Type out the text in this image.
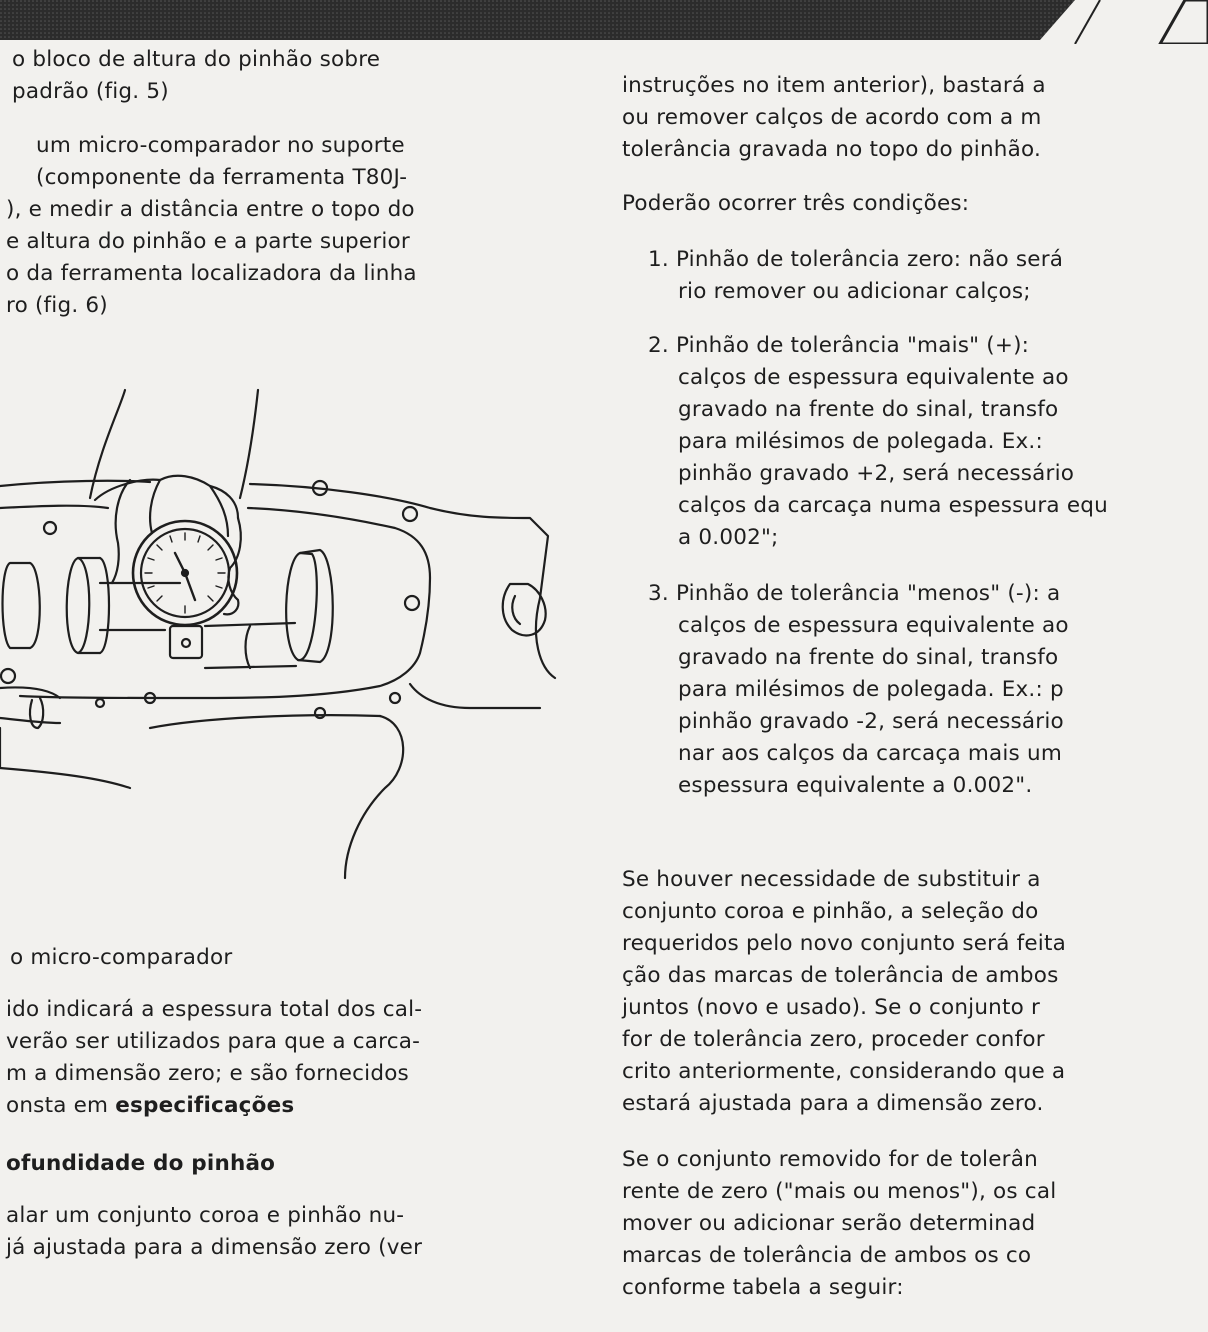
o bloco de altura do pinhão sobre
padrão (fig. 5)
um micro-comparador no suporte
(componente da ferramenta T80J-
), e medir a distância entre o topo do
e altura do pinhão e a parte superior
o da ferramenta localizadora da linha
ro (fig. 6)
o micro-comparador
ido indicará a espessura total dos cal-
verão ser utilizados para que a carca-
m a dimensão zero; e são fornecidos
onsta em especificações
ofundidade do pinhão
alar um conjunto coroa e pinhão nu-
já ajustada para a dimensão zero (ver
instruções no item anterior), bastará a
ou remover calços de acordo com a m
tolerância gravada no topo do pinhão.
Poderão ocorrer três condições:
1. Pinhão de tolerância zero: não será
rio remover ou adicionar calços;
2. Pinhão de tolerância "mais" (+):
calços de espessura equivalente ao
gravado na frente do sinal, transfo
para milésimos de polegada. Ex.:
pinhão gravado +2, será necessário
calços da carcaça numa espessura equ
a 0.002";
3. Pinhão de tolerância "menos" (-): a
calços de espessura equivalente ao
gravado na frente do sinal, transfo
para milésimos de polegada. Ex.: p
pinhão gravado -2, será necessário
nar aos calços da carcaça mais um
espessura equivalente a 0.002".
Se houver necessidade de substituir a
conjunto coroa e pinhão, a seleção do
requeridos pelo novo conjunto será feita
ção das marcas de tolerância de ambos
juntos (novo e usado). Se o conjunto r
for de tolerância zero, proceder confor
crito anteriormente, considerando que a
estará ajustada para a dimensão zero.
Se o conjunto removido for de tolerân
rente de zero ("mais ou menos"), os cal
mover ou adicionar serão determinad
marcas de tolerância de ambos os co
conforme tabela a seguir:
